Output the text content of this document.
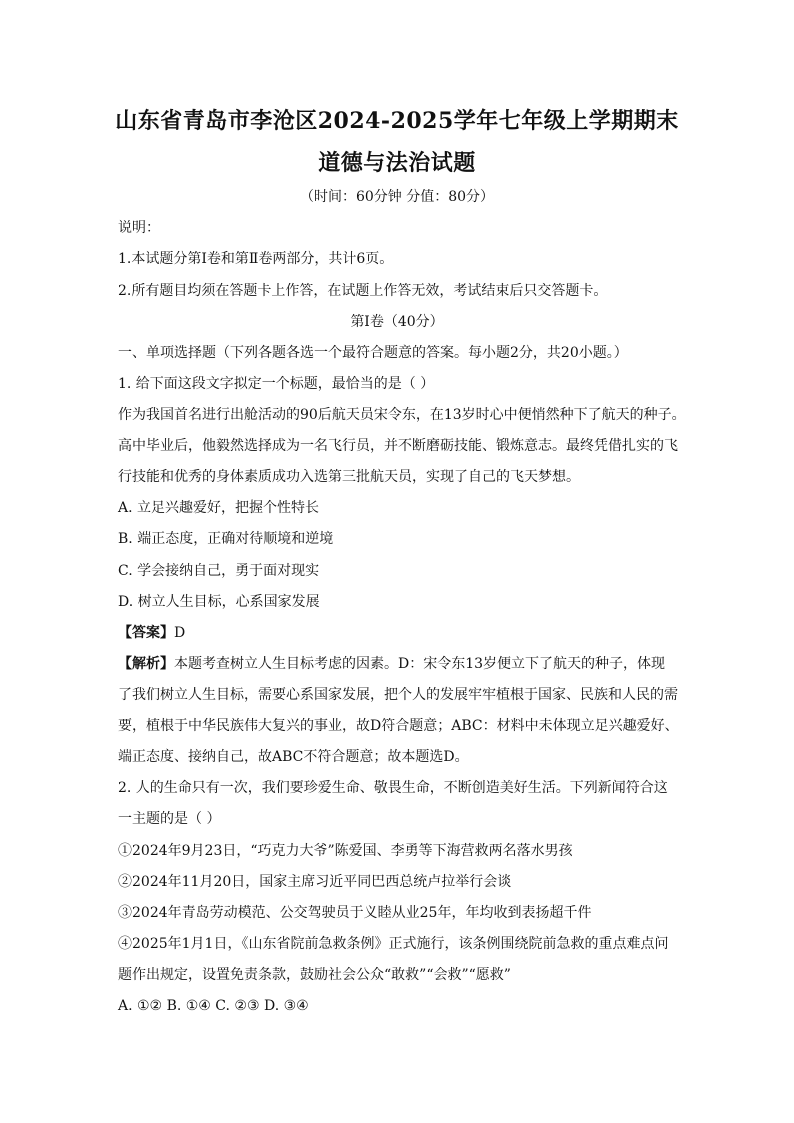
山东省青岛市李沧区2024-2025学年七年级上学期期末
道德与法治试题
（时间：60分钟 分值：80分）
说明：
1.本试题分第Ⅰ卷和第Ⅱ卷两部分，共计6页。
2.所有题目均须在答题卡上作答，在试题上作答无效，考试结束后只交答题卡。
第Ⅰ卷（40分）
一、单项选择题（下列各题各选一个最符合题意的答案。每小题2分，共20小题。）
1. 给下面这段文字拟定一个标题，最恰当的是（ ）
作为我国首名进行出舱活动的90后航天员宋令东，在13岁时心中便悄然种下了航天的种子。
高中毕业后，他毅然选择成为一名飞行员，并不断磨砺技能、锻炼意志。最终凭借扎实的飞
行技能和优秀的身体素质成功入选第三批航天员，实现了自己的飞天梦想。
A. 立足兴趣爱好，把握个性特长
B. 端正态度，正确对待顺境和逆境
C. 学会接纳自己，勇于面对现实
D. 树立人生目标，心系国家发展
【答案】D
【解析】本题考查树立人生目标考虑的因素。D：宋令东13岁便立下了航天的种子，体现
了我们树立人生目标，需要心系国家发展，把个人的发展牢牢植根于国家、民族和人民的需
要，植根于中华民族伟大复兴的事业，故D符合题意；ABC：材料中未体现立足兴趣爱好、
端正态度、接纳自己，故ABC不符合题意；故本题选D。
2. 人的生命只有一次，我们要珍爱生命、敬畏生命，不断创造美好生活。下列新闻符合这
一主题的是（ ）
①2024年9月23日，“巧克力大爷”陈爱国、李勇等下海营救两名落水男孩
②2024年11月20日，国家主席习近平同巴西总统卢拉举行会谈
③2024年青岛劳动模范、公交驾驶员于义睦从业25年，年均收到表扬超千件
④2025年1月1日，《山东省院前急救条例》正式施行，该条例围绕院前急救的重点难点问
题作出规定，设置免责条款，鼓励社会公众“敢救”“会救”“愿救”
A. ①② B. ①④ C. ②③ D. ③④
